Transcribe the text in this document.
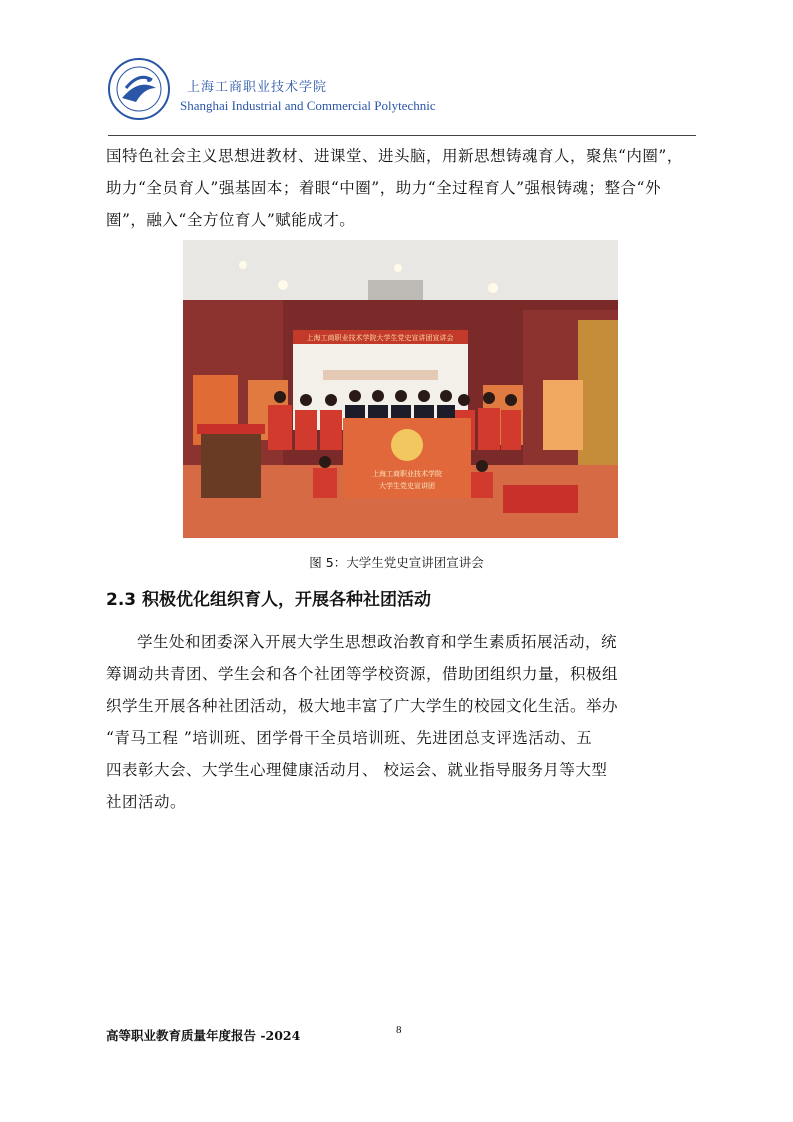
上海工商职业技术学院
Shanghai Industrial and Commercial Polytechnic
国特色社会主义思想进教材、进课堂、进头脑，用新思想铸魂育人，聚焦“内圈”，
助力“全员育人”强基固本；着眼“中圈”，助力“全过程育人”强根铸魂；整合“外
圈”，融入“全方位育人”赋能成才。
上海工商职业技术学院大学生党史宣讲团宣讲会
上海工商职业技术学院
大学生党史宣讲团
图 5：大学生党史宣讲团宣讲会
2.3 积极优化组织育人，开展各种社团活动
学生处和团委深入开展大学生思想政治教育和学生素质拓展活动，统
筹调动共青团、学生会和各个社团等学校资源，借助团组织力量，积极组
织学生开展各种社团活动，极大地丰富了广大学生的校园文化生活。举办
“青马工程 ”培训班、团学骨干全员培训班、先进团总支评选活动、五
四表彰大会、大学生心理健康活动月、 校运会、就业指导服务月等大型
社团活动。
高等职业教育质量年度报告 -2024	8
